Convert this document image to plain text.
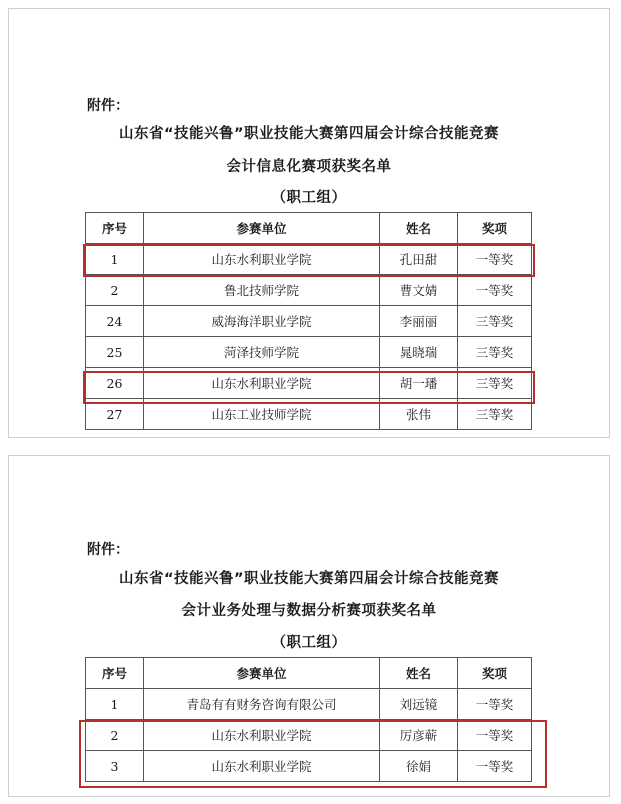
附件：
山东省“技能兴鲁”职业技能大赛第四届会计综合技能竞赛
会计信息化赛项获奖名单
（职工组）
序号	参赛单位	姓名	奖项
1	山东水利职业学院	孔田甜	一等奖
2	鲁北技师学院	曹文婧	一等奖
24	威海海洋职业学院	李丽丽	三等奖
25	菏泽技师学院	晁晓瑞	三等奖
26	山东水利职业学院	胡一璠	三等奖
27	山东工业技师学院	张伟	三等奖
附件：
山东省“技能兴鲁”职业技能大赛第四届会计综合技能竞赛
会计业务处理与数据分析赛项获奖名单
（职工组）
序号	参赛单位	姓名	奖项
1	青岛有有财务咨询有限公司	刘远镜	一等奖
2	山东水利职业学院	厉彦蕲	一等奖
3	山东水利职业学院	徐娟	一等奖
